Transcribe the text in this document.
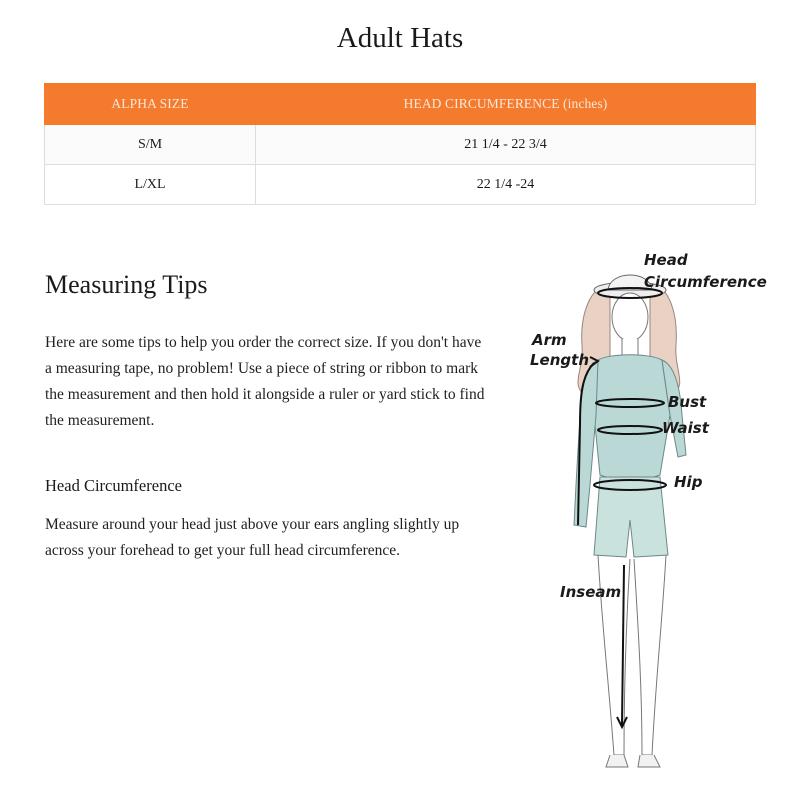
Adult Hats
ALPHA SIZE	HEAD CIRCUMFERENCE (inches)
S/M	21 1/4 - 22 3/4
L/XL	22 1/4 -24
Measuring Tips
Here are some tips to help you order the correct size. If you don't have a measuring tape, no problem! Use a piece of string or ribbon to mark the measurement and then hold it alongside a ruler or yard stick to find the measurement.
Head Circumference
Measure around your head just above your ears angling slightly up across your forehead to get your full head circumference.
Head
Circumference
Arm
Length
Bust
Waist
Hip
Inseam
